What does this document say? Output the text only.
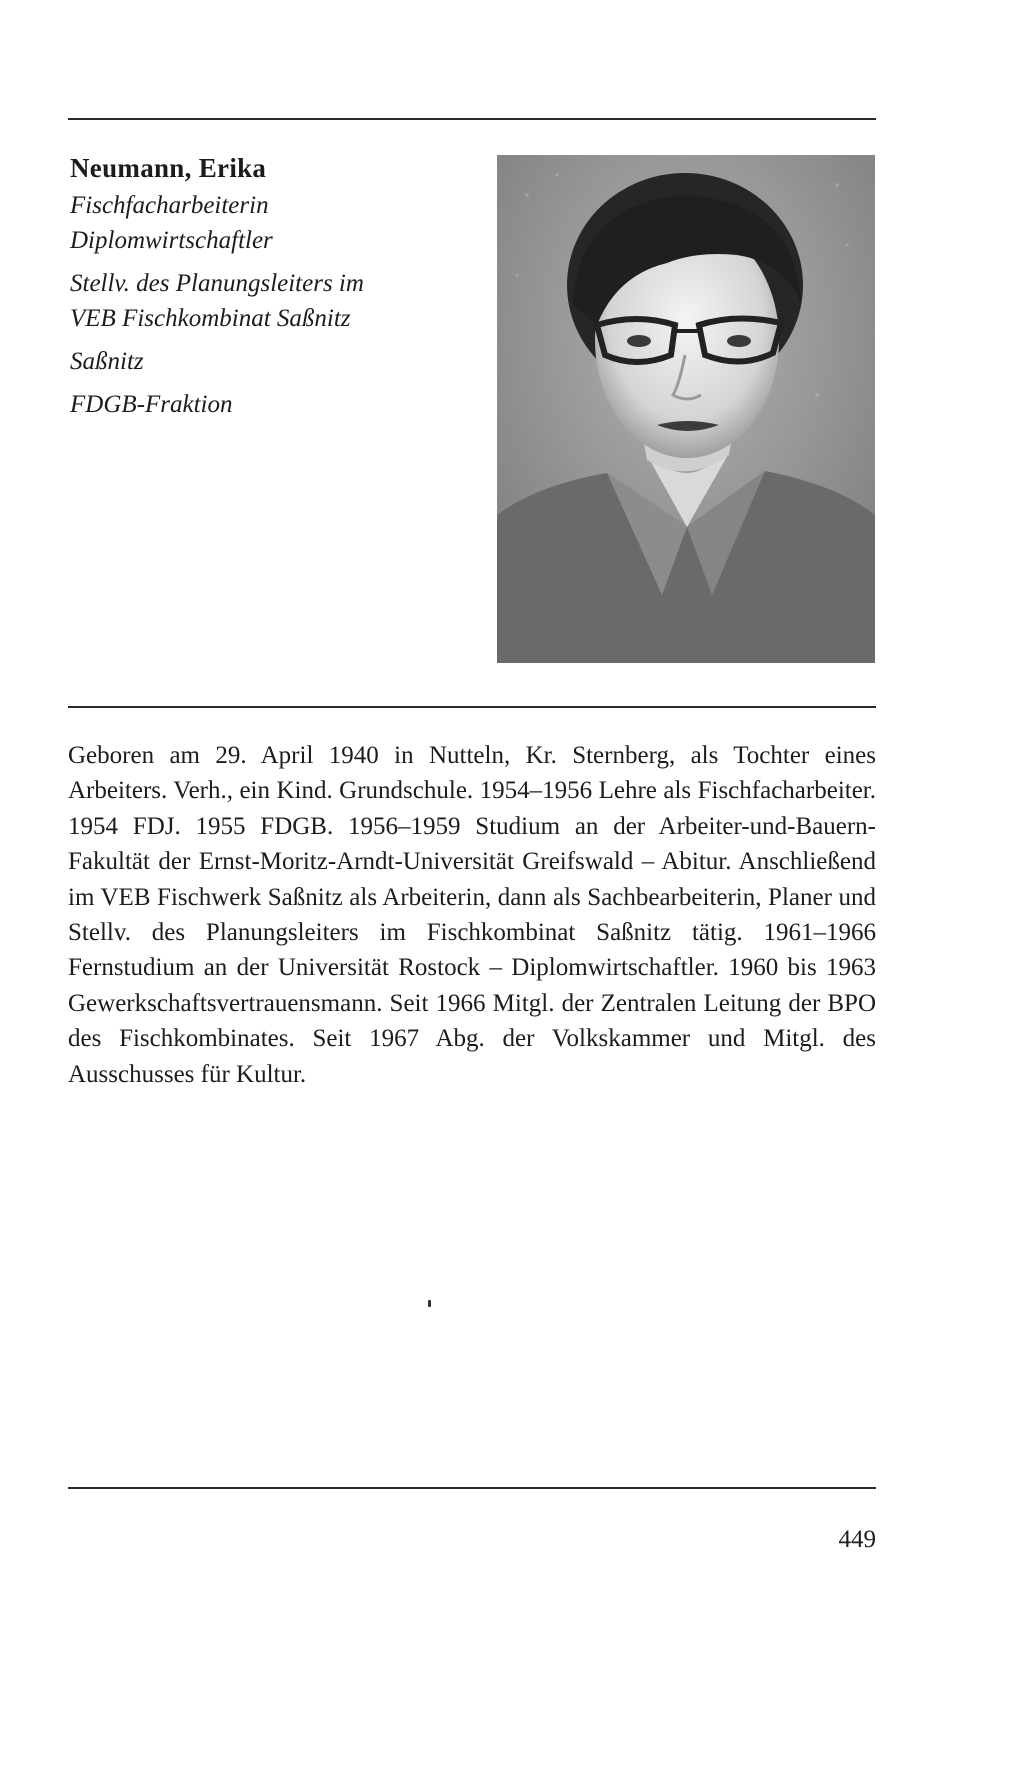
Neumann, Erika
Fischfacharbeiterin
Diplomwirtschaftler
Stellv. des Planungsleiters im
VEB Fischkombinat Saßnitz
Saßnitz
FDGB-Fraktion
Geboren am 29. April 1940 in Nutteln, Kr. Sternberg, als Tochter eines Arbeiters. Verh., ein Kind. Grundschule. 1954–1956 Lehre als Fischfacharbeiter. 1954 FDJ. 1955 FDGB. 1956–1959 Studium an der Arbeiter-und-Bauern-Fakultät der Ernst-Moritz-Arndt-Universität Greifswald – Abitur. Anschließend im VEB Fischwerk Saßnitz als Arbeiterin, dann als Sachbearbeiterin, Planer und Stellv. des Planungsleiters im Fischkombinat Saßnitz tätig. 1961–1966 Fernstudium an der Universität Rostock – Diplomwirtschaftler. 1960 bis 1963 Gewerkschaftsvertrauensmann. Seit 1966 Mitgl. der Zentralen Leitung der BPO des Fischkombinates. Seit 1967 Abg. der Volkskammer und Mitgl. des Ausschusses für Kultur.
449
